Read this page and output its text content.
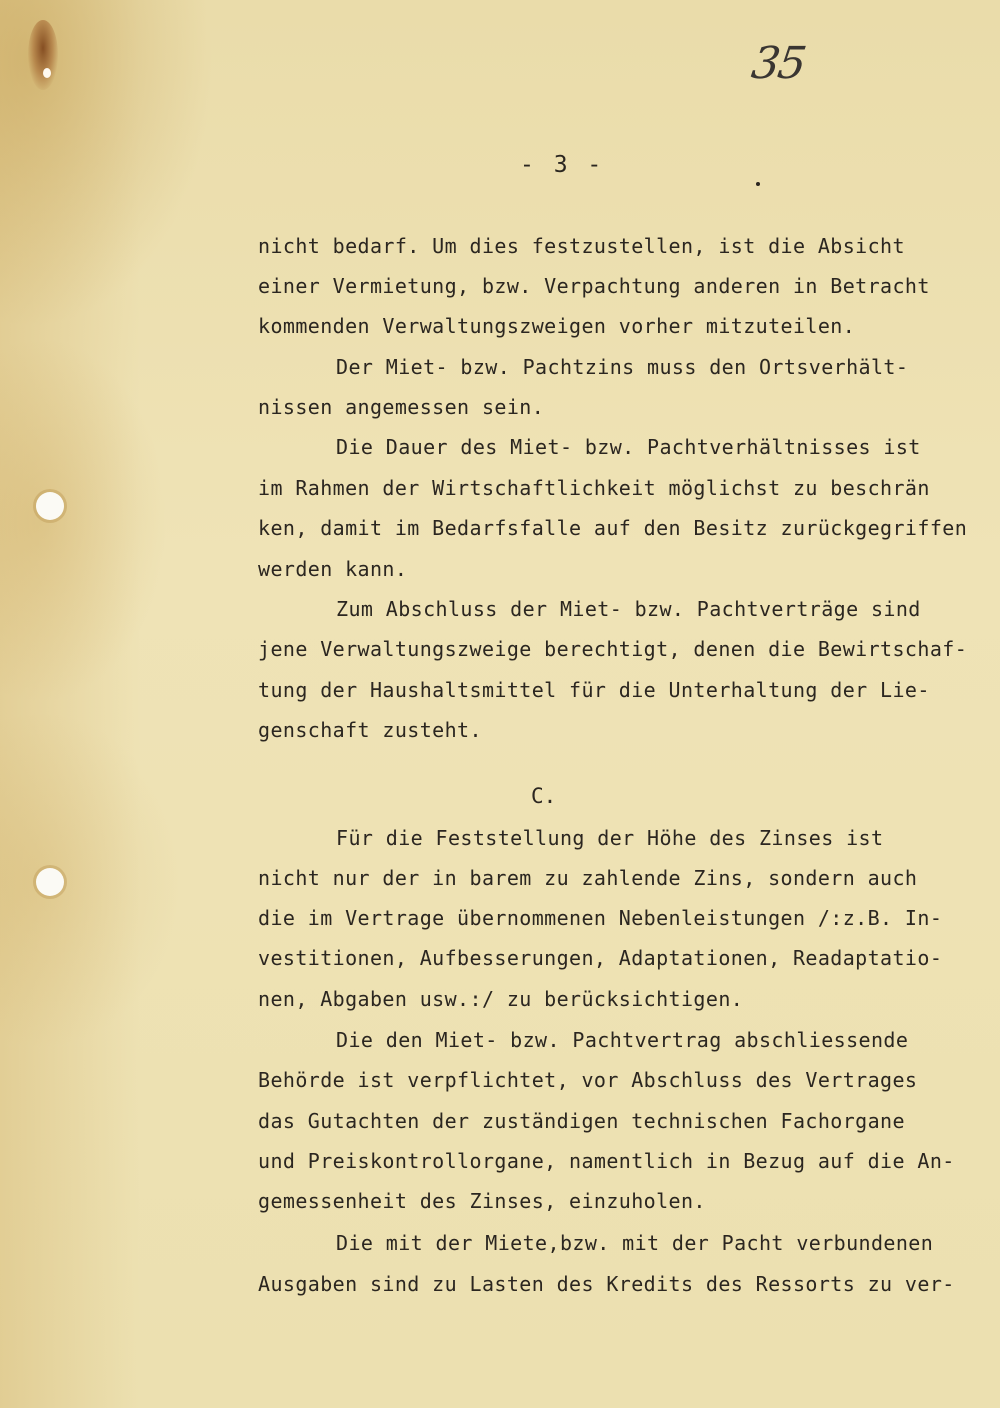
35
- 3 -
nicht bedarf. Um dies festzustellen, ist die Absicht
einer Vermietung, bzw. Verpachtung anderen in Betracht
kommenden Verwaltungszweigen vorher mitzuteilen.
Der Miet- bzw. Pachtzins muss den Ortsverhält-
nissen angemessen sein.
Die Dauer des Miet- bzw. Pachtverhältnisses ist
im Rahmen der Wirtschaftlichkeit möglichst zu beschrän
ken, damit im Bedarfsfalle auf den Besitz zurückgegriffen
werden kann.
Zum Abschluss der Miet- bzw. Pachtverträge sind
jene Verwaltungszweige berechtigt, denen die Bewirtschaf-
tung der Haushaltsmittel für die Unterhaltung der Lie-
genschaft zusteht.
C.
Für die Feststellung der Höhe des Zinses ist
nicht nur der in barem zu zahlende Zins, sondern auch
die im Vertrage übernommenen Nebenleistungen /:z.B. In-
vestitionen, Aufbesserungen, Adaptationen, Readaptatio-
nen, Abgaben usw.:/ zu berücksichtigen.
Die den Miet- bzw. Pachtvertrag abschliessende
Behörde ist verpflichtet, vor Abschluss des Vertrages
das Gutachten der zuständigen technischen Fachorgane
und Preiskontrollorgane, namentlich in Bezug auf die An-
gemessenheit des Zinses, einzuholen.
Die mit der Miete,bzw. mit der Pacht verbundenen
Ausgaben sind zu Lasten des Kredits des Ressorts zu ver-
